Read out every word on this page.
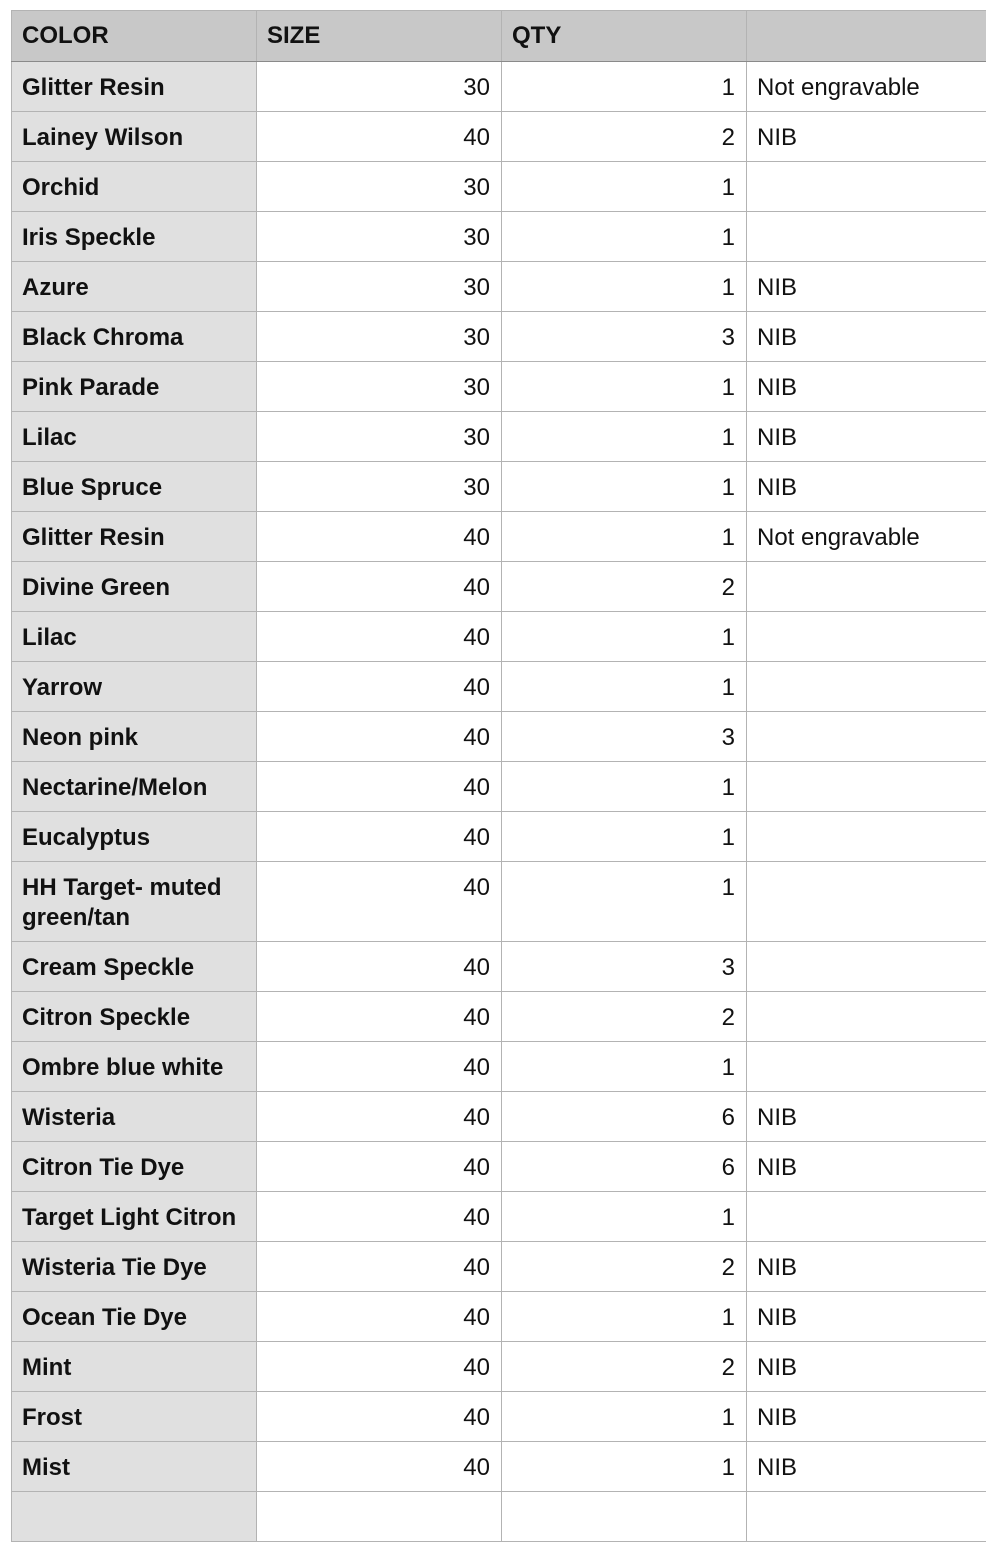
COLOR	SIZE	QTY	
Glitter Resin	30	1	Not engravable
Lainey Wilson	40	2	NIB
Orchid	30	1	
Iris Speckle	30	1	
Azure	30	1	NIB
Black Chroma	30	3	NIB
Pink Parade	30	1	NIB
Lilac	30	1	NIB
Blue Spruce	30	1	NIB
Glitter Resin	40	1	Not engravable
Divine Green	40	2	
Lilac	40	1	
Yarrow	40	1	
Neon pink	40	3	
Nectarine/Melon	40	1	
Eucalyptus	40	1	
HH Target- muted green/tan	40	1	
Cream Speckle	40	3	
Citron Speckle	40	2	
Ombre blue white	40	1	
Wisteria	40	6	NIB
Citron Tie Dye	40	6	NIB
Target Light Citron	40	1	
Wisteria Tie Dye	40	2	NIB
Ocean Tie Dye	40	1	NIB
Mint	40	2	NIB
Frost	40	1	NIB
Mist	40	1	NIB
